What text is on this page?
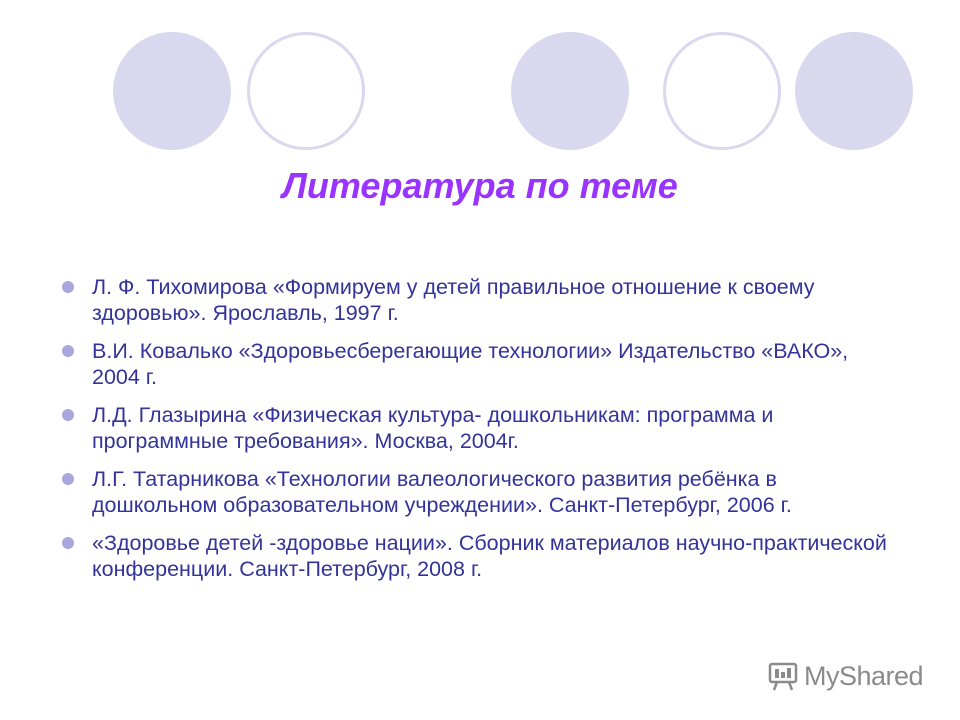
Литература по теме
Л. Ф. Тихомирова «Формируем у детей правильное отношение к своему здоровью». Ярославль, 1997 г.
В.И. Ковалько «Здоровьесберегающие технологии» Издательство «ВАКО», 2004 г.
Л.Д. Глазырина «Физическая культура- дошкольникам: программа и программные требования». Москва, 2004г.
Л.Г. Татарникова «Технологии валеологического развития ребёнка в дошкольном образовательном учреждении». Санкт-Петербург, 2006 г.
«Здоровье детей -здоровье нации». Сборник материалов научно-практической конференции. Санкт-Петербург, 2008 г.
MyShared
